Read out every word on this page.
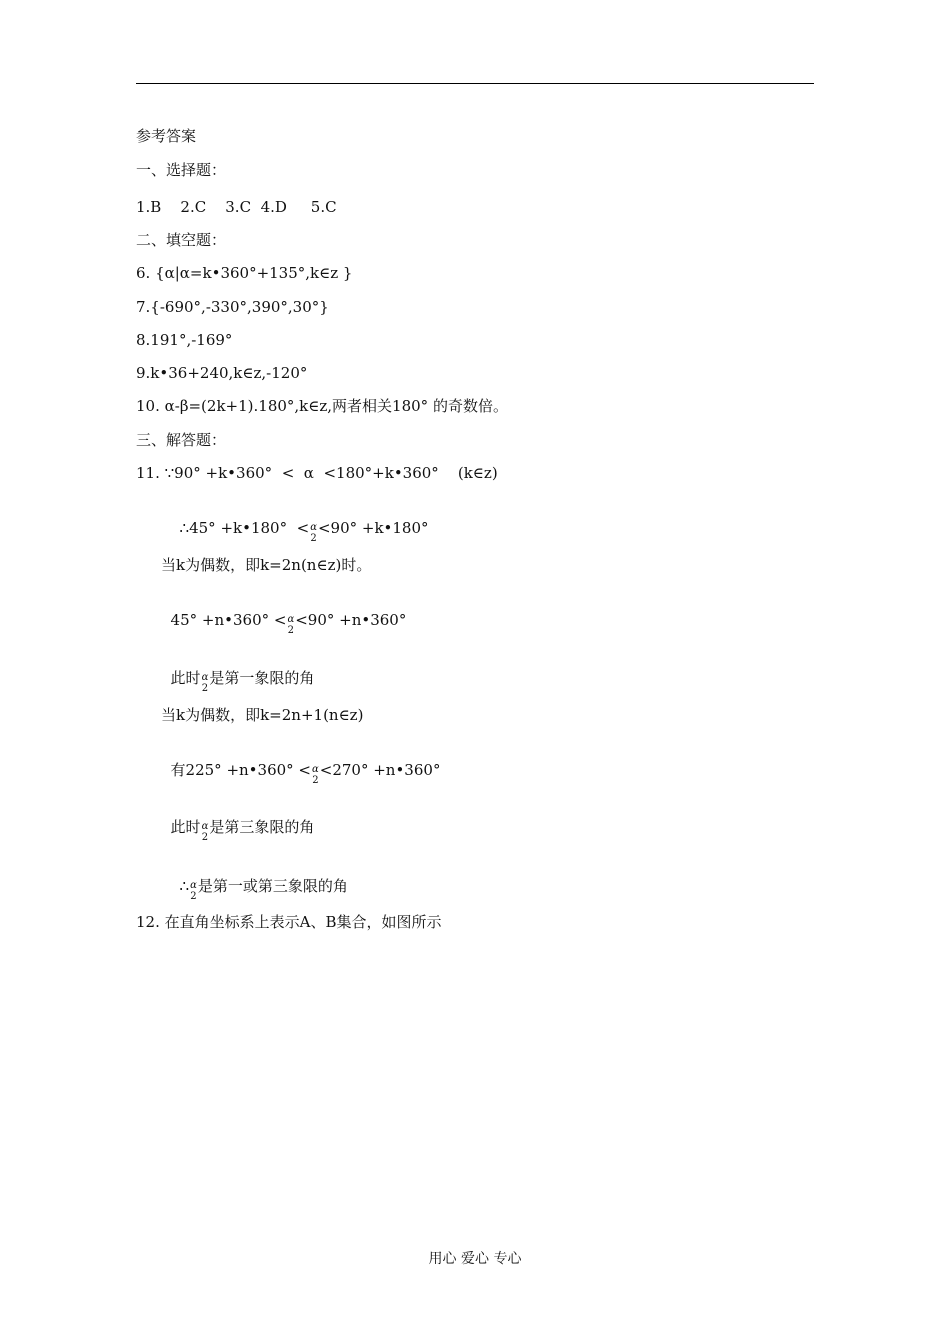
参考答案
一、选择题：
1.B    2.C    3.C  4.D     5.C
二、填空题：
6. {α|α=k•360°+135°,k∈z }
7.{-690°,-330°,390°,30°}
8.191°,-169°
9.k•36+240,k∈z,-120°
10. α-β=(2k+1).180°,k∈z,两者相关180° 的奇数倍。
三、解答题：
11. ∵90° +k•360°  <  α  <180°+k•360°    (k∈z)

∴45° +k•180°  < α
2
<90° +k•180°

当k为偶数，即k=2n(n∈z)时。

45° +n•360° < α
2
<90° +n•360°

此时 α
2
是第一象限的角

当k为偶数，即k=2n+1(n∈z)

有225° +n•360° < α
2
<270° +n•360°

此时 α
2
是第三象限的角

∴ α
2
是第一或第三象限的角

12. 在直角坐标系上表示A、B集合，如图所示
用心 爱心 专心
